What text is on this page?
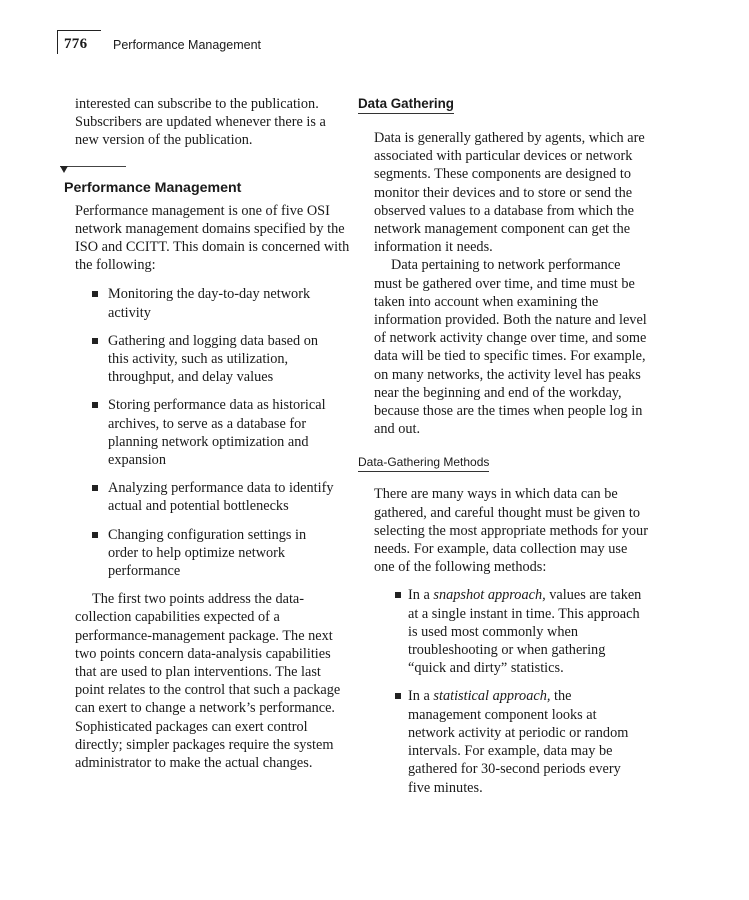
776 Performance Management

interested can subscribe to the publication. Subscribers are updated whenever there is a new version of the publication.

Performance Management

Performance management is one of five OSI network management domains specified by the ISO and CCITT. This domain is concerned with the following:

Monitoring the day-to-day network activity
Gathering and logging data based on this activity, such as utilization, throughput, and delay values
Storing performance data as historical archives, to serve as a database for planning network optimization and expansion
Analyzing performance data to identify actual and potential bottlenecks
Changing configuration settings in order to help optimize network performance

The first two points address the data-collection capabilities expected of a performance-management package. The next two points concern data-analysis capabilities that are used to plan interventions. The last point relates to the control that such a package can exert to change a network’s performance. Sophisticated packages can exert control directly; simpler packages require the system administrator to make the actual changes.

Data Gathering

Data is generally gathered by agents, which are associated with particular devices or network segments. These components are designed to monitor their devices and to store or send the observed values to a database from which the network management component can get the information it needs.

Data pertaining to network performance must be gathered over time, and time must be taken into account when examining the information provided. Both the nature and level of network activity change over time, and some data will be tied to specific times. For example, on many networks, the activity level has peaks near the beginning and end of the workday, because those are the times when people log in and out.

Data-Gathering Methods

There are many ways in which data can be gathered, and careful thought must be given to selecting the most appropriate methods for your needs. For example, data collection may use one of the following methods:

In a snapshot approach, values are taken at a single instant in time. This approach is used most commonly when troubleshooting or when gathering “quick and dirty” statistics.
In a statistical approach, the management component looks at network activity at periodic or random intervals. For example, data may be gathered for 30-second periods every five minutes.
